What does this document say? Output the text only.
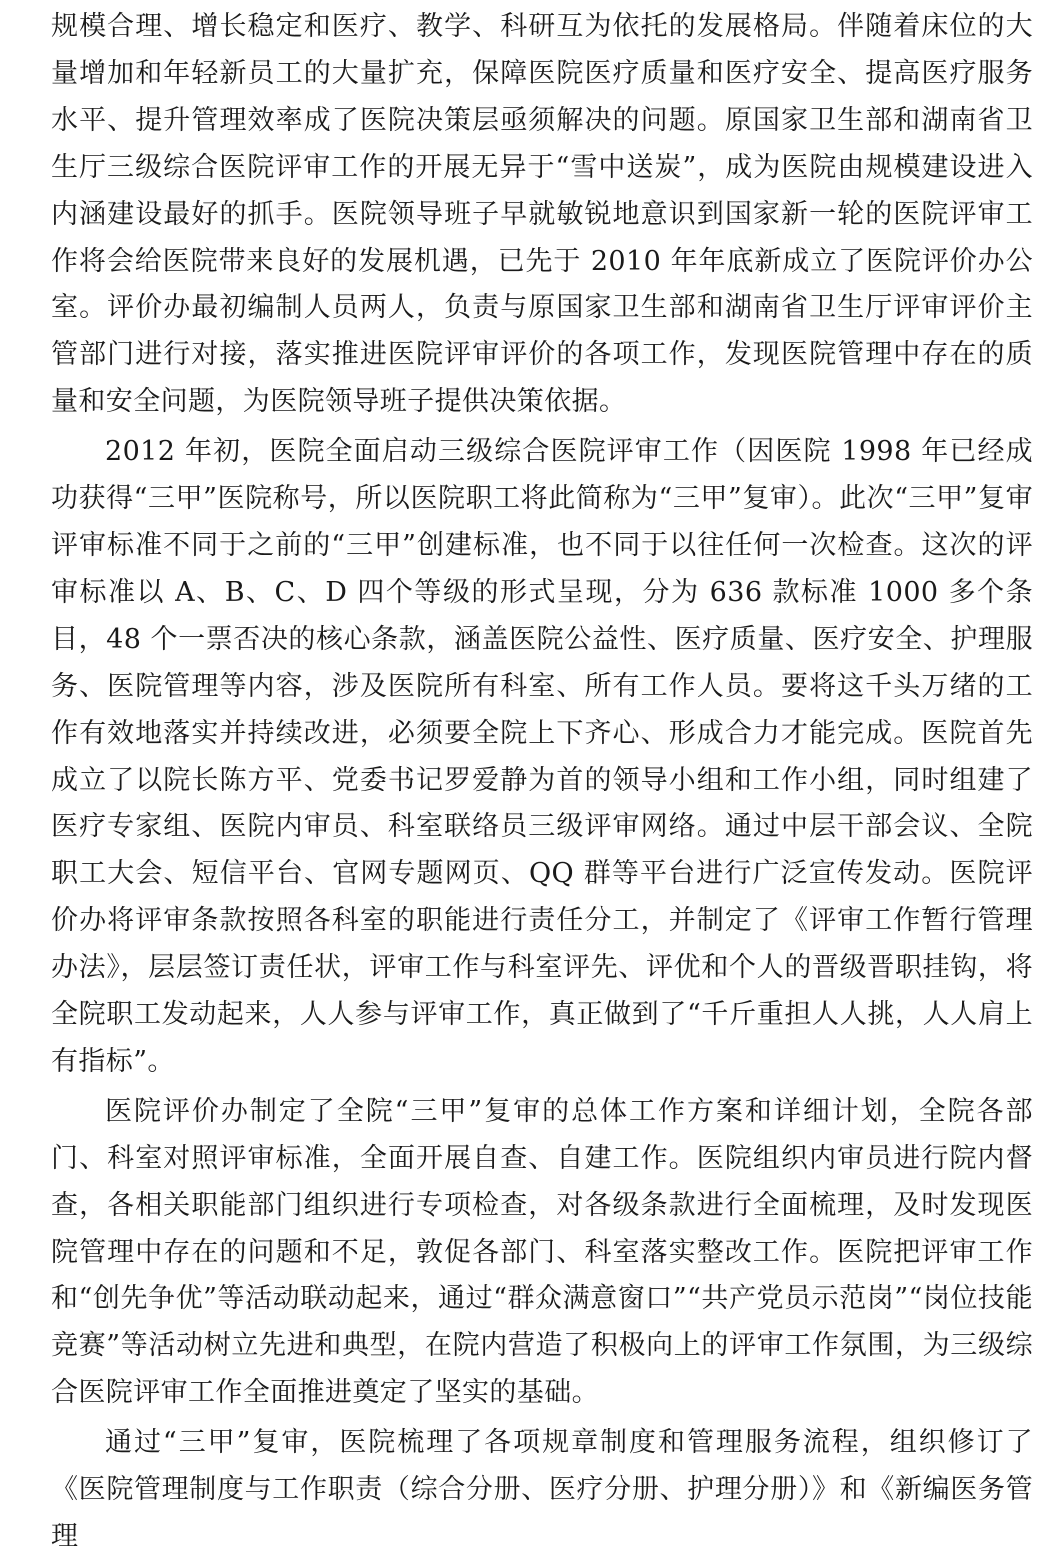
规模合理、增长稳定和医疗、教学、科研互为依托的发展格局。伴随着床位的大量增加和年轻新员工的大量扩充，保障医院医疗质量和医疗安全、提高医疗服务水平、提升管理效率成了医院决策层亟须解决的问题。原国家卫生部和湖南省卫生厅三级综合医院评审工作的开展无异于“雪中送炭”，成为医院由规模建设进入内涵建设最好的抓手。医院领导班子早就敏锐地意识到国家新一轮的医院评审工作将会给医院带来良好的发展机遇，已先于 2010 年年底新成立了医院评价办公室。评价办最初编制人员两人，负责与原国家卫生部和湖南省卫生厅评审评价主管部门进行对接，落实推进医院评审评价的各项工作，发现医院管理中存在的质量和安全问题，为医院领导班子提供决策依据。

2012 年初，医院全面启动三级综合医院评审工作（因医院 1998 年已经成功获得“三甲”医院称号，所以医院职工将此简称为“三甲”复审）。此次“三甲”复审评审标准不同于之前的“三甲”创建标准，也不同于以往任何一次检查。这次的评审标准以 A、B、C、D 四个等级的形式呈现，分为 636 款标准 1000 多个条目，48 个一票否决的核心条款，涵盖医院公益性、医疗质量、医疗安全、护理服务、医院管理等内容，涉及医院所有科室、所有工作人员。要将这千头万绪的工作有效地落实并持续改进，必须要全院上下齐心、形成合力才能完成。医院首先成立了以院长陈方平、党委书记罗爱静为首的领导小组和工作小组，同时组建了医疗专家组、医院内审员、科室联络员三级评审网络。通过中层干部会议、全院职工大会、短信平台、官网专题网页、QQ 群等平台进行广泛宣传发动。医院评价办将评审条款按照各科室的职能进行责任分工，并制定了《评审工作暂行管理办法》，层层签订责任状，评审工作与科室评先、评优和个人的晋级晋职挂钩，将全院职工发动起来，人人参与评审工作，真正做到了“千斤重担人人挑，人人肩上有指标”。

医院评价办制定了全院“三甲”复审的总体工作方案和详细计划，全院各部门、科室对照评审标准，全面开展自查、自建工作。医院组织内审员进行院内督查，各相关职能部门组织进行专项检查，对各级条款进行全面梳理，及时发现医院管理中存在的问题和不足，敦促各部门、科室落实整改工作。医院把评审工作和“创先争优”等活动联动起来，通过“群众满意窗口”“共产党员示范岗”“岗位技能竞赛”等活动树立先进和典型，在院内营造了积极向上的评审工作氛围，为三级综合医院评审工作全面推进奠定了坚实的基础。

通过“三甲”复审，医院梳理了各项规章制度和管理服务流程，组织修订了《医院管理制度与工作职责（综合分册、医疗分册、护理分册）》和《新编医务管理
